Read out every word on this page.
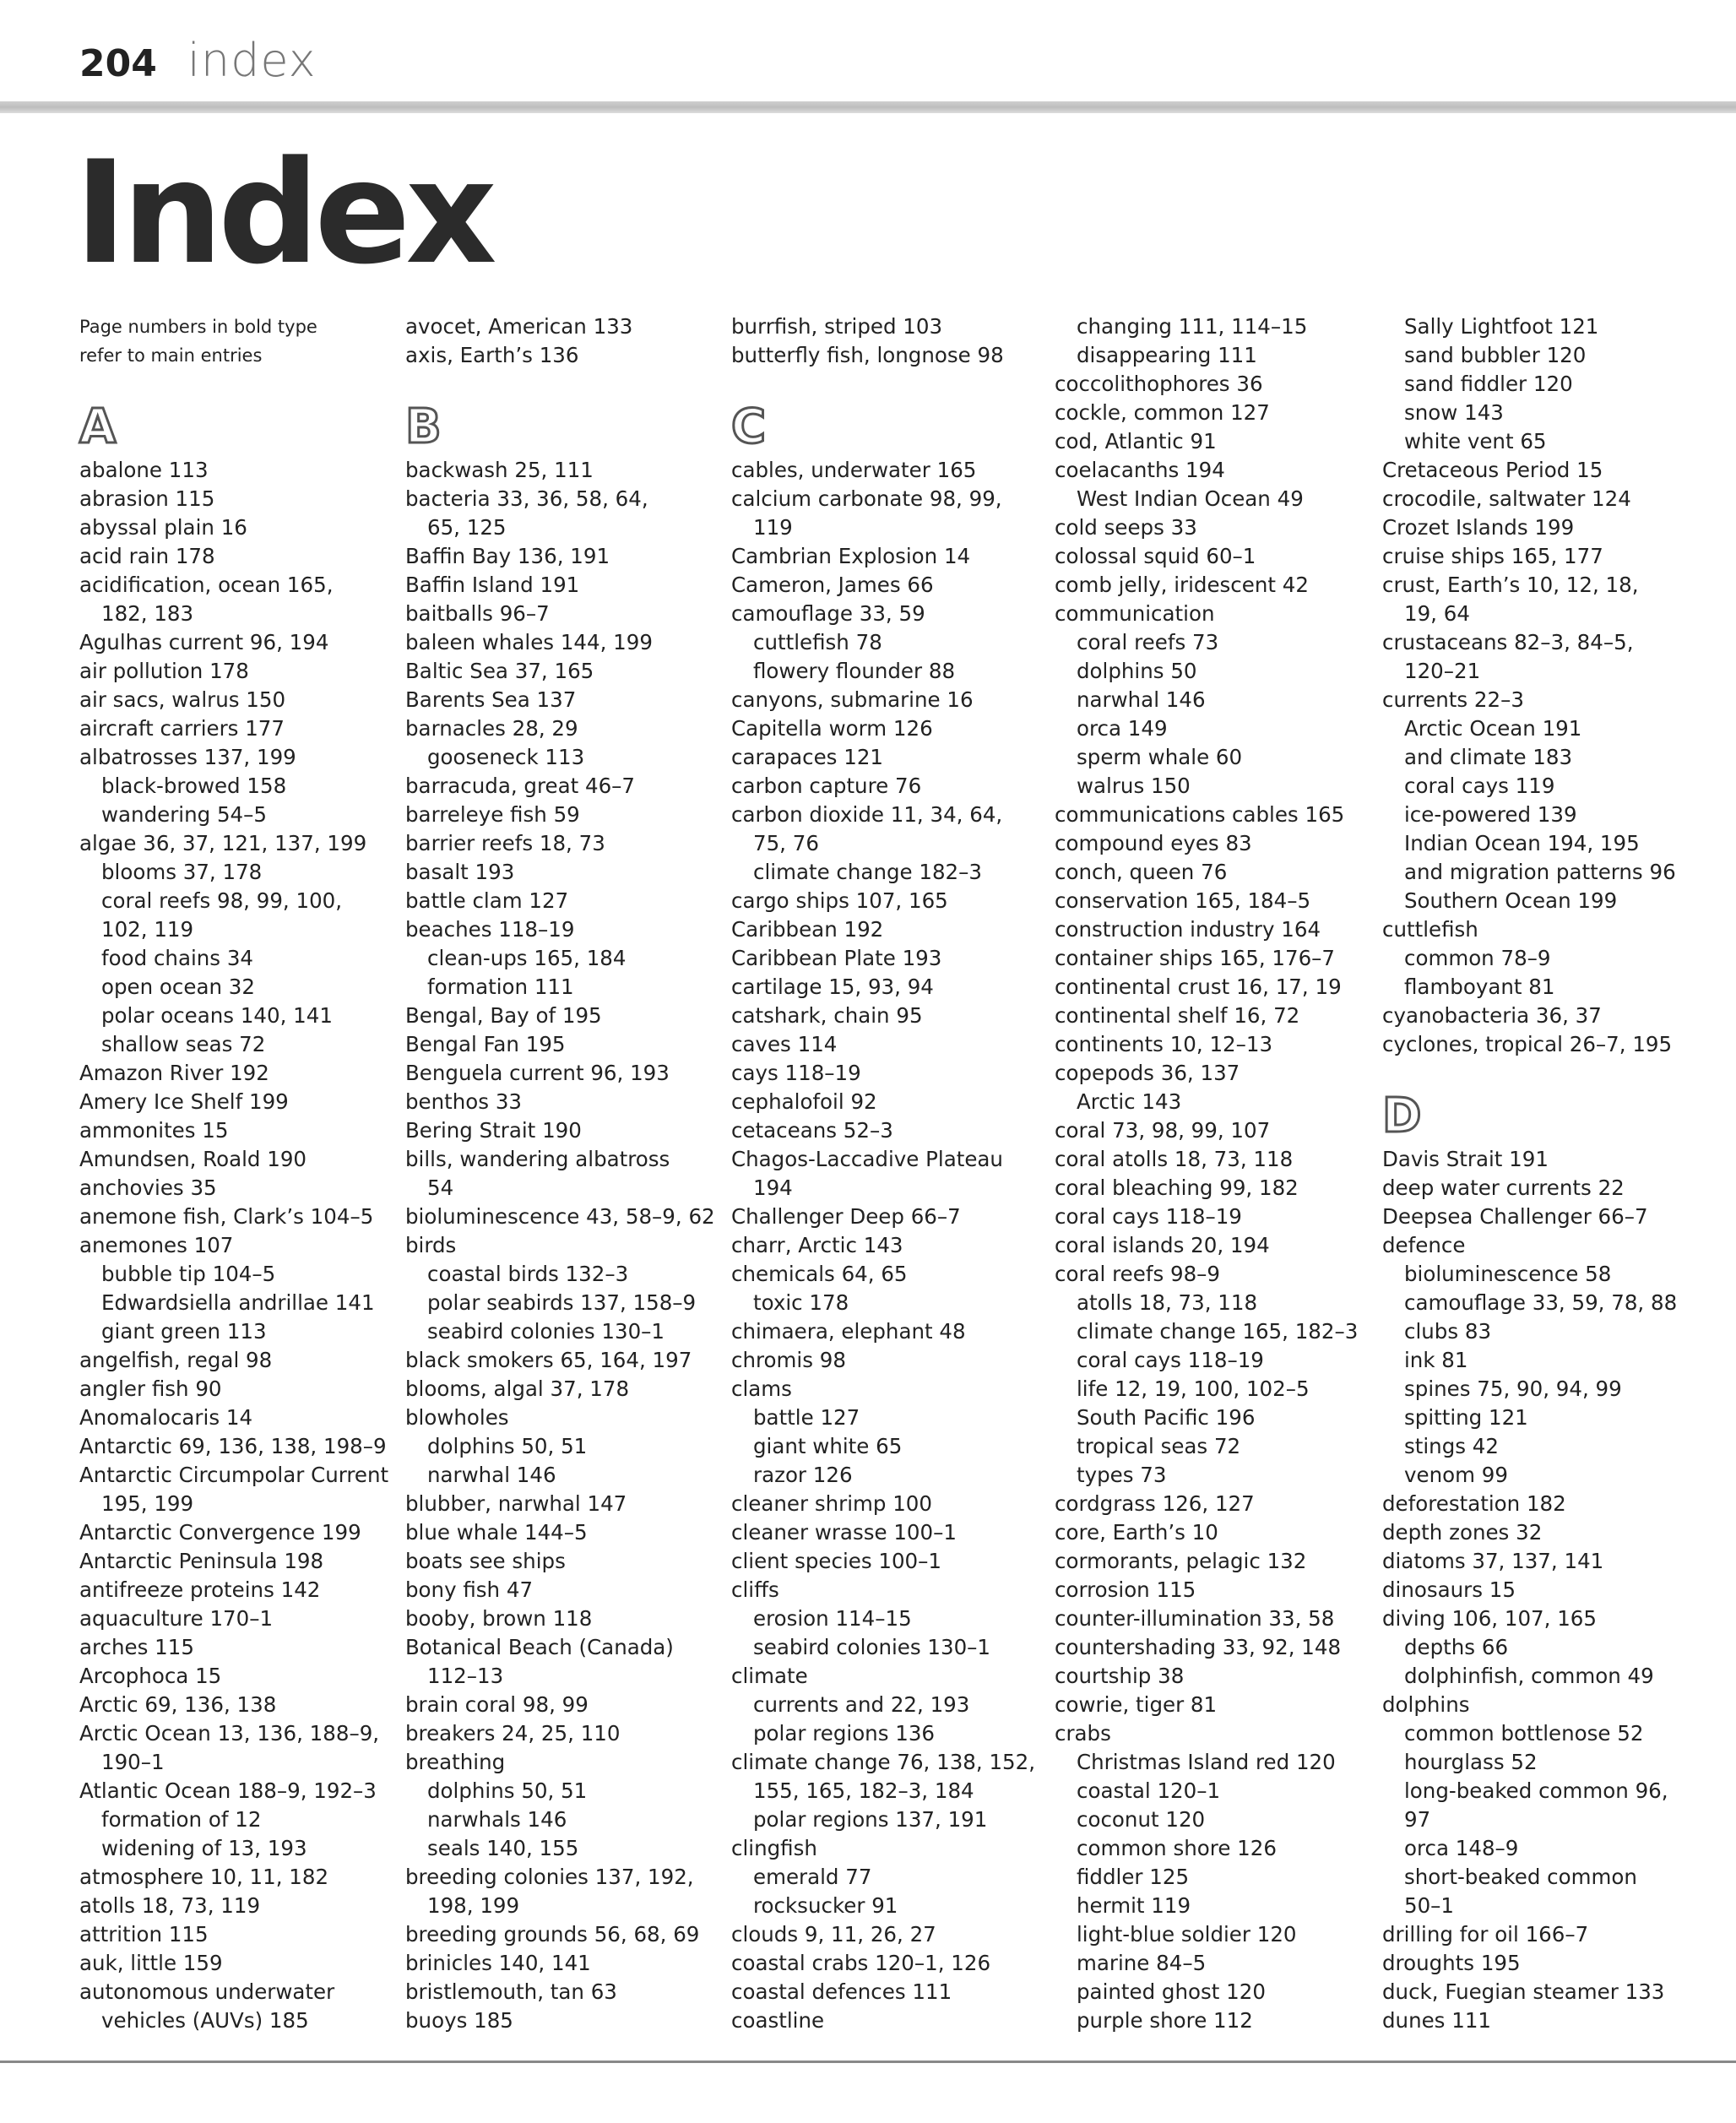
204 index
Index
Page numbers in bold type
refer to main entries
A
abalone 113
abrasion 115
abyssal plain 16
acid rain 178
acidification, ocean 165,
182, 183
Agulhas current 96, 194
air pollution 178
air sacs, walrus 150
aircraft carriers 177
albatrosses 137, 199
black-browed 158
wandering 54–5
algae 36, 37, 121, 137, 199
blooms 37, 178
coral reefs 98, 99, 100,
102, 119
food chains 34
open ocean 32
polar oceans 140, 141
shallow seas 72
Amazon River 192
Amery Ice Shelf 199
ammonites 15
Amundsen, Roald 190
anchovies 35
anemone fish, Clark’s 104–5
anemones 107
bubble tip 104–5
Edwardsiella andrillae 141
giant green 113
angelfish, regal 98
angler fish 90
Anomalocaris 14
Antarctic 69, 136, 138, 198–9
Antarctic Circumpolar Current
195, 199
Antarctic Convergence 199
Antarctic Peninsula 198
antifreeze proteins 142
aquaculture 170–1
arches 115
Arcophoca 15
Arctic 69, 136, 138
Arctic Ocean 13, 136, 188–9,
190–1
Atlantic Ocean 188–9, 192–3
formation of 12
widening of 13, 193
atmosphere 10, 11, 182
atolls 18, 73, 119
attrition 115
auk, little 159
autonomous underwater
vehicles (AUVs) 185
avocet, American 133
axis, Earth’s 136
B
backwash 25, 111
bacteria 33, 36, 58, 64,
65, 125
Baffin Bay 136, 191
Baffin Island 191
baitballs 96–7
baleen whales 144, 199
Baltic Sea 37, 165
Barents Sea 137
barnacles 28, 29
gooseneck 113
barracuda, great 46–7
barreleye fish 59
barrier reefs 18, 73
basalt 193
battle clam 127
beaches 118–19
clean-ups 165, 184
formation 111
Bengal, Bay of 195
Bengal Fan 195
Benguela current 96, 193
benthos 33
Bering Strait 190
bills, wandering albatross
54
bioluminescence 43, 58–9, 62
birds
coastal birds 132–3
polar seabirds 137, 158–9
seabird colonies 130–1
black smokers 65, 164, 197
blooms, algal 37, 178
blowholes
dolphins 50, 51
narwhal 146
blubber, narwhal 147
blue whale 144–5
boats see ships
bony fish 47
booby, brown 118
Botanical Beach (Canada)
112–13
brain coral 98, 99
breakers 24, 25, 110
breathing
dolphins 50, 51
narwhals 146
seals 140, 155
breeding colonies 137, 192,
198, 199
breeding grounds 56, 68, 69
brinicles 140, 141
bristlemouth, tan 63
buoys 185
burrfish, striped 103
butterfly fish, longnose 98
C
cables, underwater 165
calcium carbonate 98, 99,
119
Cambrian Explosion 14
Cameron, James 66
camouflage 33, 59
cuttlefish 78
flowery flounder 88
canyons, submarine 16
Capitella worm 126
carapaces 121
carbon capture 76
carbon dioxide 11, 34, 64,
75, 76
climate change 182–3
cargo ships 107, 165
Caribbean 192
Caribbean Plate 193
cartilage 15, 93, 94
catshark, chain 95
caves 114
cays 118–19
cephalofoil 92
cetaceans 52–3
Chagos-Laccadive Plateau
194
Challenger Deep 66–7
charr, Arctic 143
chemicals 64, 65
toxic 178
chimaera, elephant 48
chromis 98
clams
battle 127
giant white 65
razor 126
cleaner shrimp 100
cleaner wrasse 100–1
client species 100–1
cliffs
erosion 114–15
seabird colonies 130–1
climate
currents and 22, 193
polar regions 136
climate change 76, 138, 152,
155, 165, 182–3, 184
polar regions 137, 191
clingfish
emerald 77
rocksucker 91
clouds 9, 11, 26, 27
coastal crabs 120–1, 126
coastal defences 111
coastline
changing 111, 114–15
disappearing 111
coccolithophores 36
cockle, common 127
cod, Atlantic 91
coelacanths 194
West Indian Ocean 49
cold seeps 33
colossal squid 60–1
comb jelly, iridescent 42
communication
coral reefs 73
dolphins 50
narwhal 146
orca 149
sperm whale 60
walrus 150
communications cables 165
compound eyes 83
conch, queen 76
conservation 165, 184–5
construction industry 164
container ships 165, 176–7
continental crust 16, 17, 19
continental shelf 16, 72
continents 10, 12–13
copepods 36, 137
Arctic 143
coral 73, 98, 99, 107
coral atolls 18, 73, 118
coral bleaching 99, 182
coral cays 118–19
coral islands 20, 194
coral reefs 98–9
atolls 18, 73, 118
climate change 165, 182–3
coral cays 118–19
life 12, 19, 100, 102–5
South Pacific 196
tropical seas 72
types 73
cordgrass 126, 127
core, Earth’s 10
cormorants, pelagic 132
corrosion 115
counter-illumination 33, 58
countershading 33, 92, 148
courtship 38
cowrie, tiger 81
crabs
Christmas Island red 120
coastal 120–1
coconut 120
common shore 126
fiddler 125
hermit 119
light-blue soldier 120
marine 84–5
painted ghost 120
purple shore 112
Sally Lightfoot 121
sand bubbler 120
sand fiddler 120
snow 143
white vent 65
Cretaceous Period 15
crocodile, saltwater 124
Crozet Islands 199
cruise ships 165, 177
crust, Earth’s 10, 12, 18,
19, 64
crustaceans 82–3, 84–5,
120–21
currents 22–3
Arctic Ocean 191
and climate 183
coral cays 119
ice-powered 139
Indian Ocean 194, 195
and migration patterns 96
Southern Ocean 199
cuttlefish
common 78–9
flamboyant 81
cyanobacteria 36, 37
cyclones, tropical 26–7, 195
D
Davis Strait 191
deep water currents 22
Deepsea Challenger 66–7
defence
bioluminescence 58
camouflage 33, 59, 78, 88
clubs 83
ink 81
spines 75, 90, 94, 99
spitting 121
stings 42
venom 99
deforestation 182
depth zones 32
diatoms 37, 137, 141
dinosaurs 15
diving 106, 107, 165
depths 66
dolphinfish, common 49
dolphins
common bottlenose 52
hourglass 52
long-beaked common 96,
97
orca 148–9
short-beaked common
50–1
drilling for oil 166–7
droughts 195
duck, Fuegian steamer 133
dunes 111
